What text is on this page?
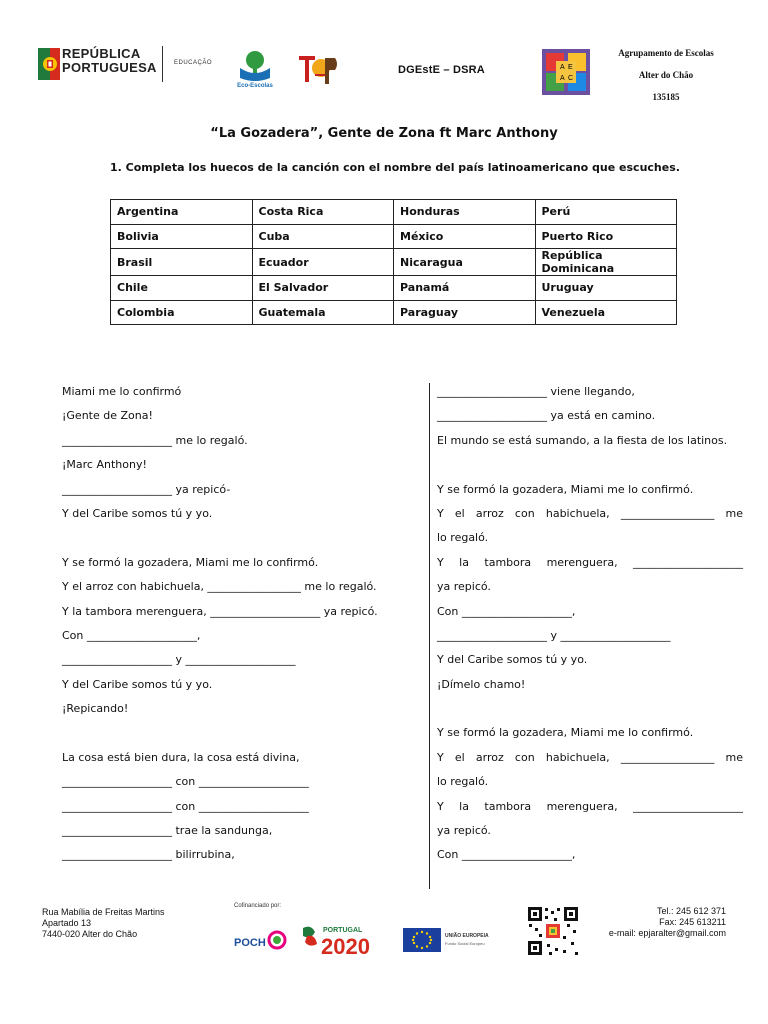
REPÚBLICA
PORTUGUESA	EDUCAÇÃO
Eco-Escolas
DGEstE – DSRA	A E
A C
Agrupamento de Escolas
Alter do Chão
135185
“La Gozadera”, Gente de Zona ft Marc Anthony
1. Completa los huecos de la canción con el nombre del país latinoamericano que escuches.
Argentina	Costa Rica	Honduras	Perú
Bolivia	Cuba	México	Puerto Rico
Brasil	Ecuador	Nicaragua	República Dominicana
Chile	El Salvador	Panamá	Uruguay
Colombia	Guatemala	Paraguay	Venezuela
Miami me lo confirmó
¡Gente de Zona!
____________________ me lo regaló.
¡Marc Anthony!
____________________ ya repicó-
Y del Caribe somos tú y yo.
Y se formó la gozadera, Miami me lo confirmó.
Y el arroz con habichuela, _________________ me lo regaló.
Y la tambora merenguera, ____________________ ya repicó.
Con ____________________,
____________________ y ____________________
Y del Caribe somos tú y yo.
¡Repicando!
La cosa está bien dura, la cosa está divina,
____________________ con ____________________
____________________ con ____________________
____________________ trae la sandunga,
____________________ bilirrubina,
____________________ viene llegando,
____________________ ya está en camino.
El mundo se está sumando, a la fiesta de los latinos.
Y se formó la gozadera, Miami me lo confirmó.
Y el arroz con habichuela, _________________ me
lo regaló.
Y la tambora merenguera, ____________________
ya repicó.
Con ____________________,
____________________ y ____________________
Y del Caribe somos tú y yo.
¡Dímelo chamo!
Y se formó la gozadera, Miami me lo confirmó.
Y el arroz con habichuela, _________________ me
lo regaló.
Y la tambora merenguera, ____________________
ya repicó.
Con ____________________,
Rua Mabília de Freitas Martins
Apartado 13
7440-020 Alter do Chão
Cofinanciado por:
POCH
PORTUGAL
2020	UNIÃO EUROPEIA
Fundo Social Europeu
Tel.: 245 612 371
Fax: 245 613211
e-mail: epjaralter@gmail.com
